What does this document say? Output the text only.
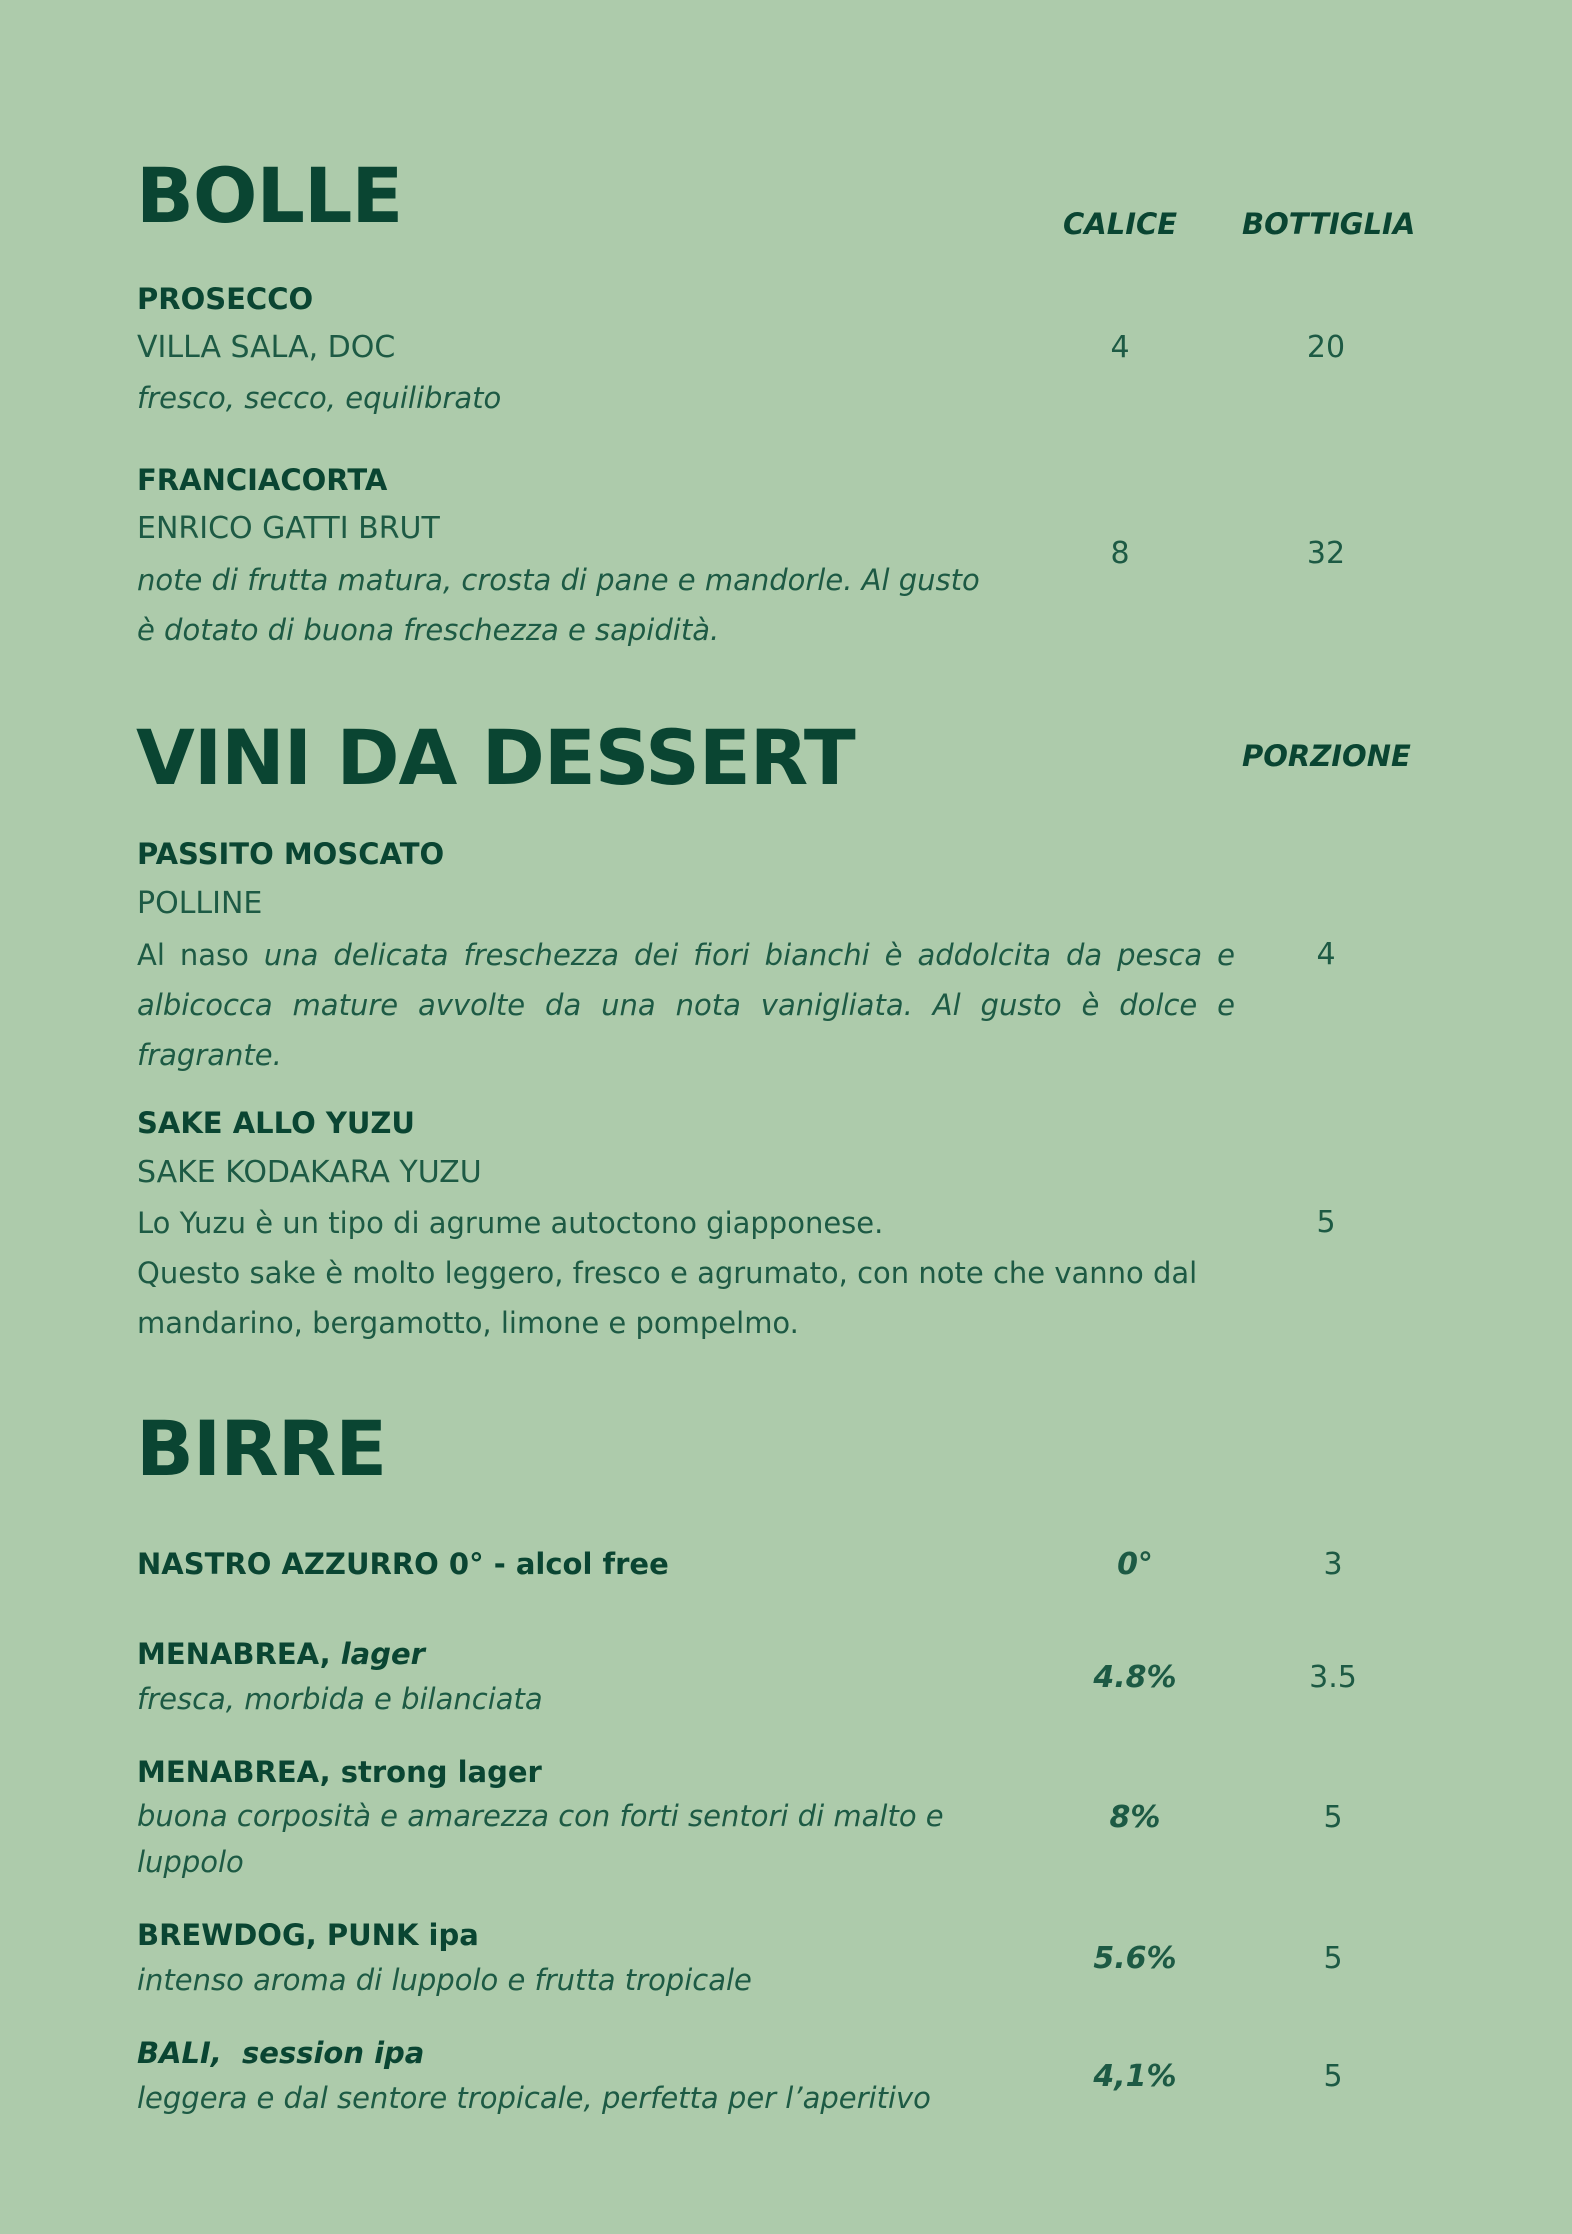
BOLLE	CALICE BOTTIGLIA
PROSECCO
VILLA SALA, DOC
fresco, secco, equilibrato
4	20
FRANCIACORTA
ENRICO GATTI BRUT
note di frutta matura, crosta di pane e mandorle. Al gusto
è dotato di buona freschezza e sapidità.
8	32
VINI DA DESSERT	PORZIONE
PASSITO MOSCATO
POLLINE
Al naso una delicata freschezza dei fiori bianchi è addolcita da pesca e albicocca mature avvolte da una nota vanigliata. Al gusto è dolce e fragrante.
4
SAKE ALLO YUZU
SAKE KODAKARA YUZU
Lo Yuzu è un tipo di agrume autoctono giapponese.
Questo sake è molto leggero, fresco e agrumato, con note che vanno dal mandarino, bergamotto, limone e pompelmo.
5
BIRRE
NASTRO AZZURRO 0° - alcol free	0°	3
MENABREA, lager
fresca, morbida e bilanciata
4.8%	3.5
MENABREA, strong lager
buona corposità e amarezza con forti sentori di malto e luppolo
8%	5
BREWDOG, PUNK ipa
intenso aroma di luppolo e frutta tropicale
5.6%	5
BALI,  session ipa
leggera e dal sentore tropicale, perfetta per l’aperitivo
4,1%	5
